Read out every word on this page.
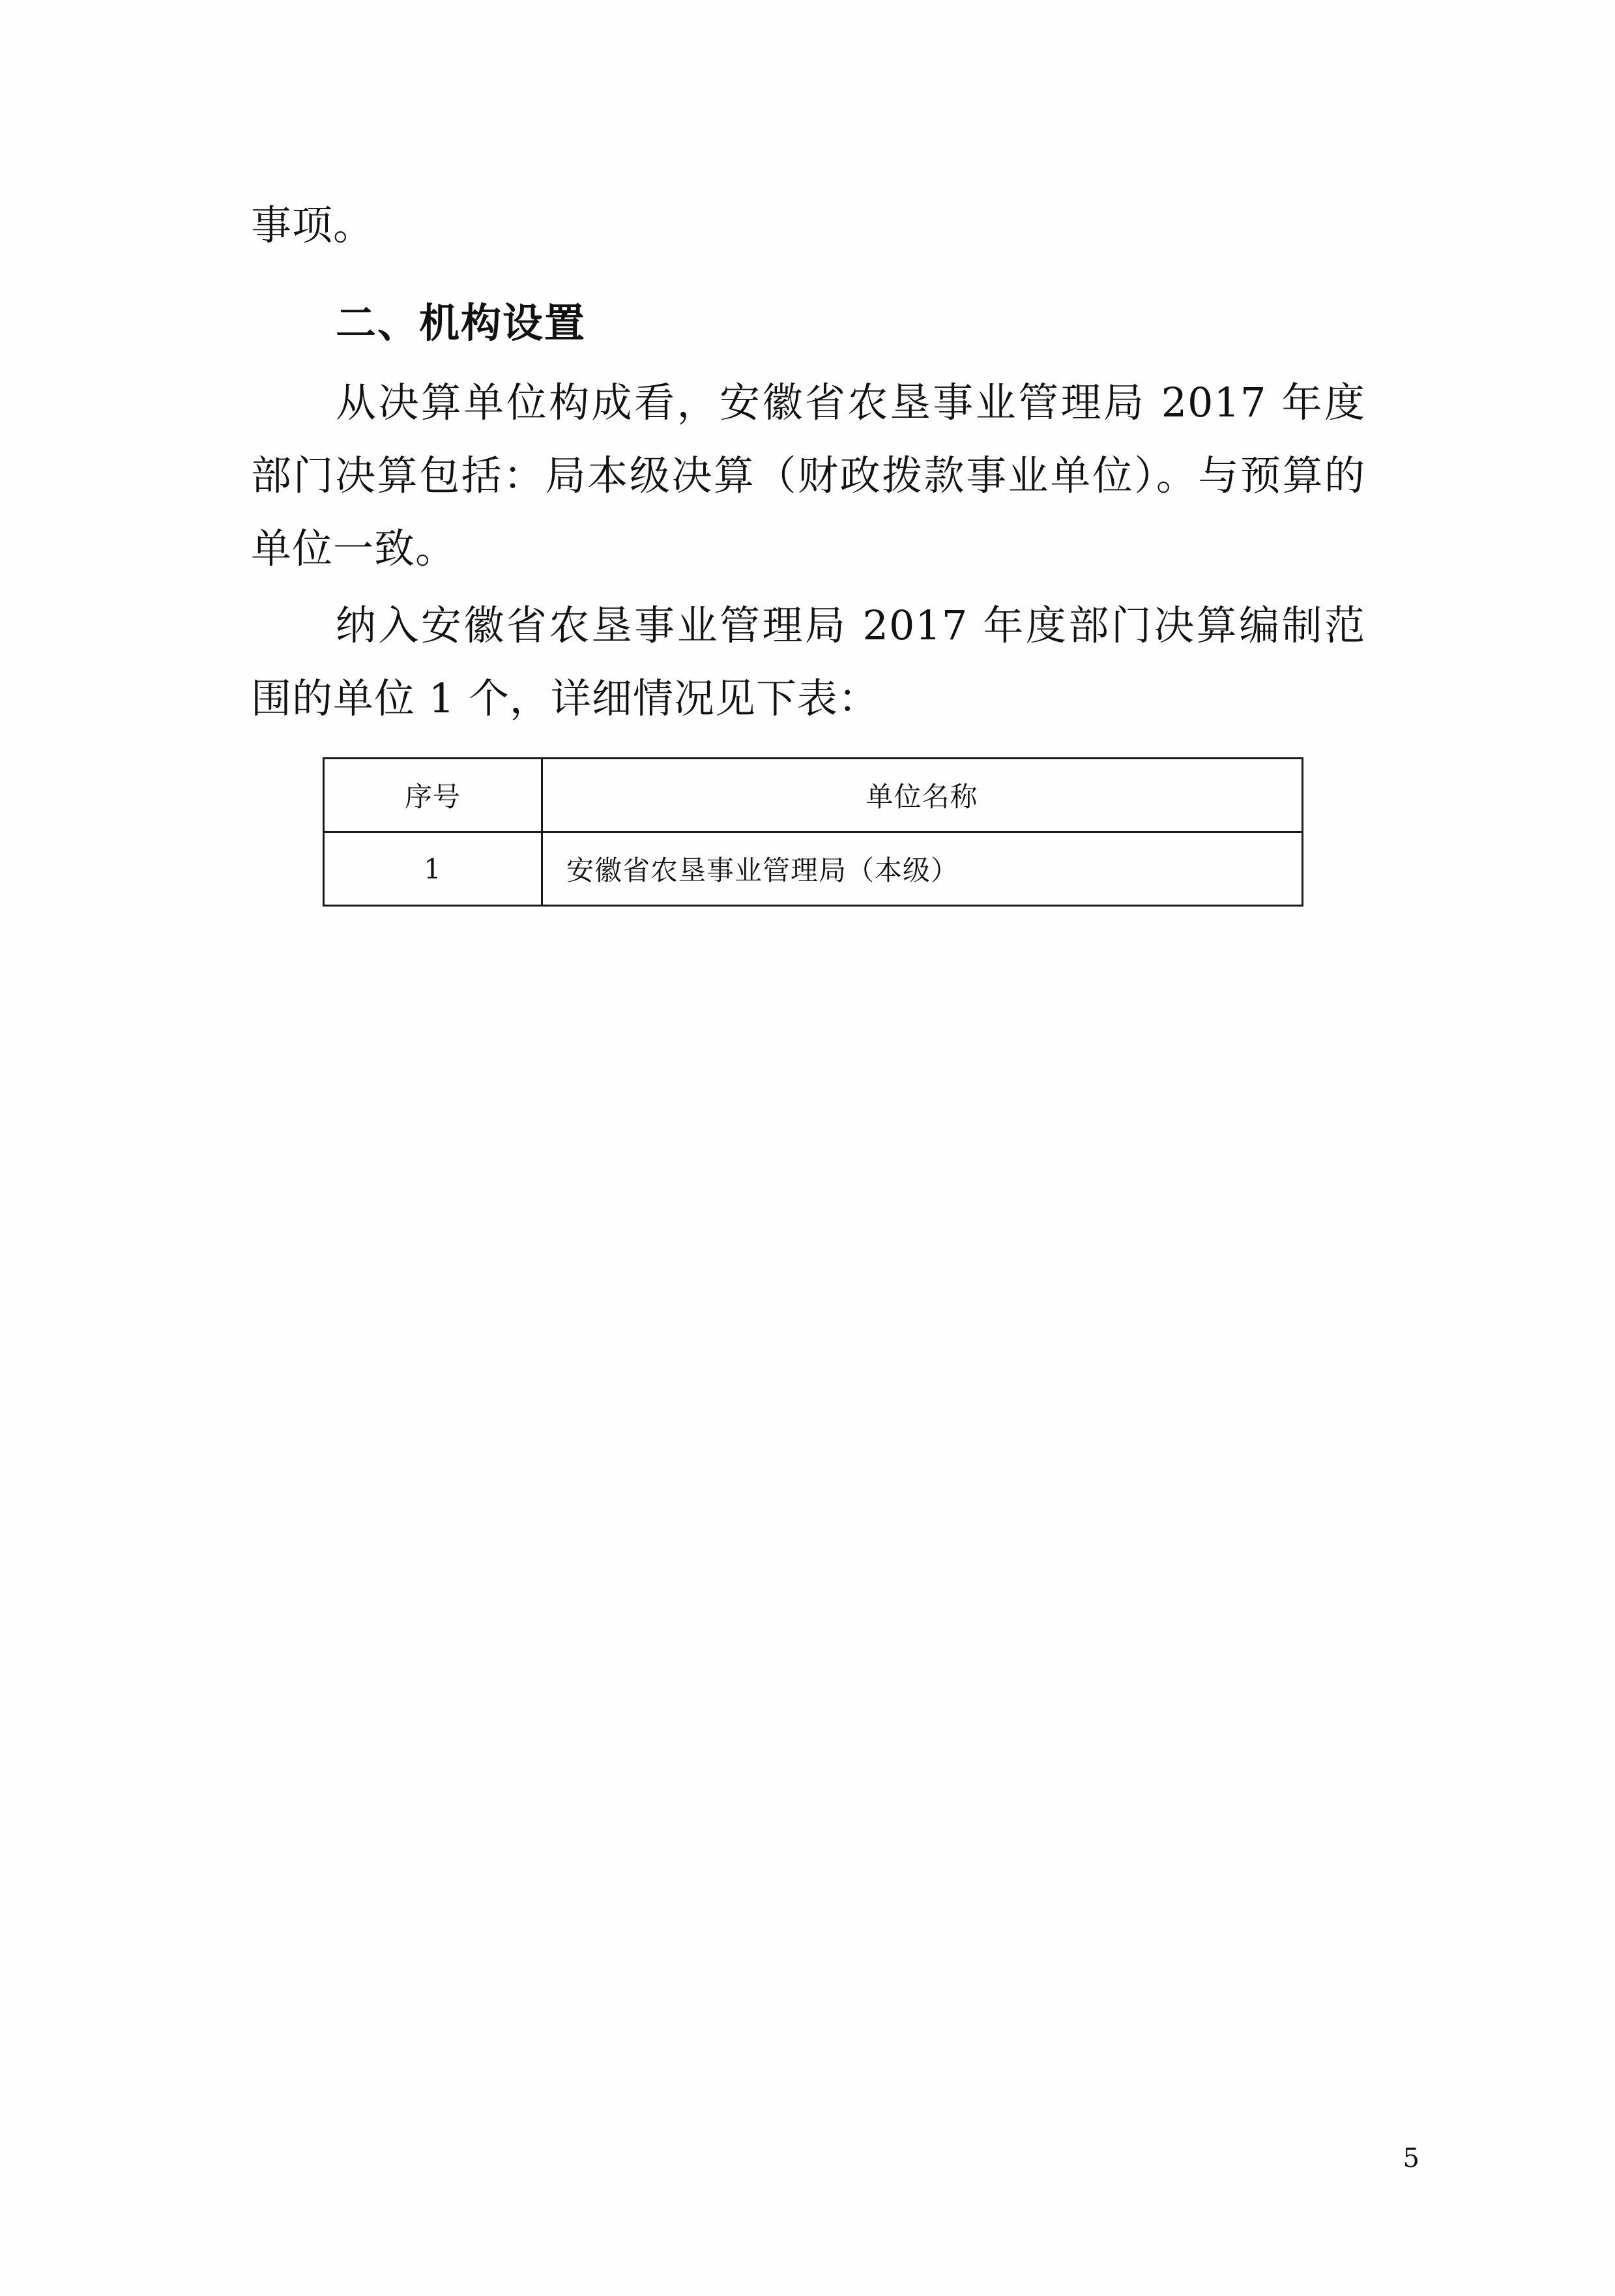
事项。

二、机构设置

从决算单位构成看，安徽省农垦事业管理局 2017 年度部门决算包括：局本级决算（财政拨款事业单位）。与预算的单位一致。

纳入安徽省农垦事业管理局 2017 年度部门决算编制范围的单位 1 个，详细情况见下表：

序号	单位名称
1	安徽省农垦事业管理局（本级）
5
